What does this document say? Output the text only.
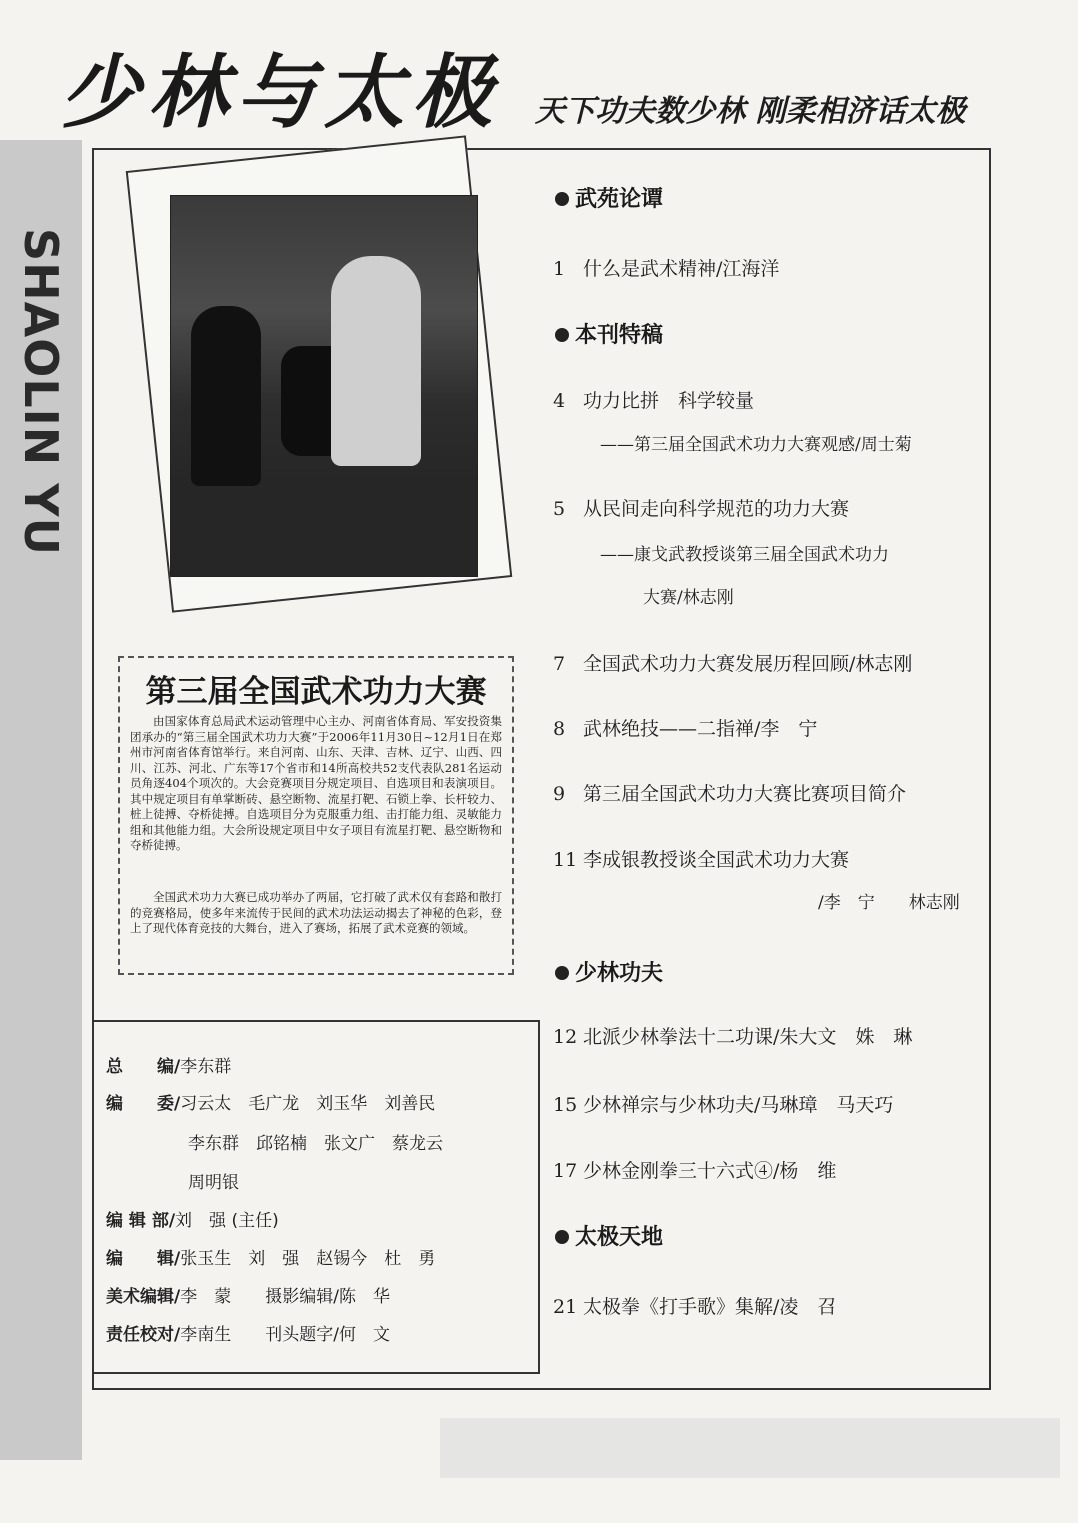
少林与太极 天下功夫数少林 刚柔相济话太极
SHAOLIN YU
第三届全国武术功力大赛
由国家体育总局武术运动管理中心主办、河南省体育局、军安投资集团承办的“第三届全国武术功力大赛”于2006年11月30日~12月1日在郑州市河南省体育馆举行。来自河南、山东、天津、吉林、辽宁、山西、四川、江苏、河北、广东等17个省市和14所高校共52支代表队281名运动员角逐404个项次的。大会竞赛项目分规定项目、自选项目和表演项目。其中规定项目有单掌断砖、悬空断物、流星打靶、石锁上拳、长杆较力、桩上徒搏、夺桥徒搏。自选项目分为克服重力组、击打能力组、灵敏能力组和其他能力组。大会所设规定项目中女子项目有流星打靶、悬空断物和夺桥徒搏。
全国武术功力大赛已成功举办了两届，它打破了武术仅有套路和散打的竞赛格局，使多年来流传于民间的武术功法运动揭去了神秘的色彩，登上了现代体育竞技的大舞台，进入了赛场，拓展了武术竞赛的领域。
总　　编/李东群
编　　委/习云太　毛广龙　刘玉华　刘善民
李东群　邱铭楠　张文广　蔡龙云
周明银
编 辑 部/刘　强 (主任)
编　　辑/张玉生　刘　强　赵锡今　杜　勇
美术编辑/李　蒙　　摄影编辑/陈　华
责任校对/李南生　　刊头题字/何　文
武苑论谭
1 什么是武术精神/江海洋
本刊特稿
4 功力比拼　科学较量
——第三届全国武术功力大赛观感/周士菊
5 从民间走向科学规范的功力大赛
——康戈武教授谈第三届全国武术功力
大赛/林志刚
7 全国武术功力大赛发展历程回顾/林志刚
8 武林绝技——二指禅/李　宁
9 第三届全国武术功力大赛比赛项目简介
11 李成银教授谈全国武术功力大赛
/李　宁　　林志刚
少林功夫
12 北派少林拳法十二功课/朱大文　姝　琳
15 少林禅宗与少林功夫/马琳璋　马天巧
17 少林金刚拳三十六式④/杨　维
太极天地
21 太极拳《打手歌》集解/凌　召
